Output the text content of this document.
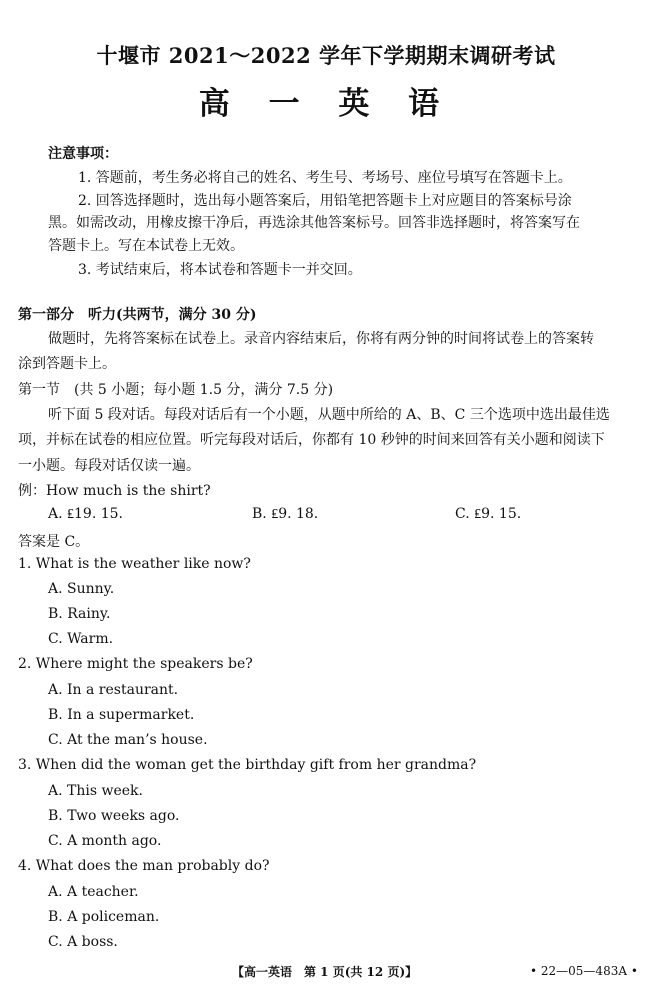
十堰市 2021～2022 学年下学期期末调研考试
高 一 英 语
注意事项：
1. 答题前，考生务必将自己的姓名、考生号、考场号、座位号填写在答题卡上。
2. 回答选择题时，选出每小题答案后，用铅笔把答题卡上对应题目的答案标号涂
黑。如需改动，用橡皮擦干净后，再选涂其他答案标号。回答非选择题时，将答案写在
答题卡上。写在本试卷上无效。
3. 考试结束后，将本试卷和答题卡一并交回。
第一部分　听力(共两节，满分 30 分)
做题时，先将答案标在试卷上。录音内容结束后，你将有两分钟的时间将试卷上的答案转
涂到答题卡上。
第一节　(共 5 小题；每小题 1.5 分，满分 7.5 分)
听下面 5 段对话。每段对话后有一个小题，从题中所给的 A、B、C 三个选项中选出最佳选
项，并标在试卷的相应位置。听完每段对话后，你都有 10 秒钟的时间来回答有关小题和阅读下
一小题。每段对话仅读一遍。
例：How much is the shirt?
A. ₤19. 15.	B. ₤9. 18.	C. ₤9. 15.
答案是 C。
1. What is the weather like now?
A. Sunny.
B. Rainy.
C. Warm.
2. Where might the speakers be?
A. In a restaurant.
B. In a supermarket.
C. At the man’s house.
3. When did the woman get the birthday gift from her grandma?
A. This week.
B. Two weeks ago.
C. A month ago.
4. What does the man probably do?
A. A teacher.
B. A policeman.
C. A boss.
【高一英语　第 1 页(共 12 页)】	• 22—05—483A •
